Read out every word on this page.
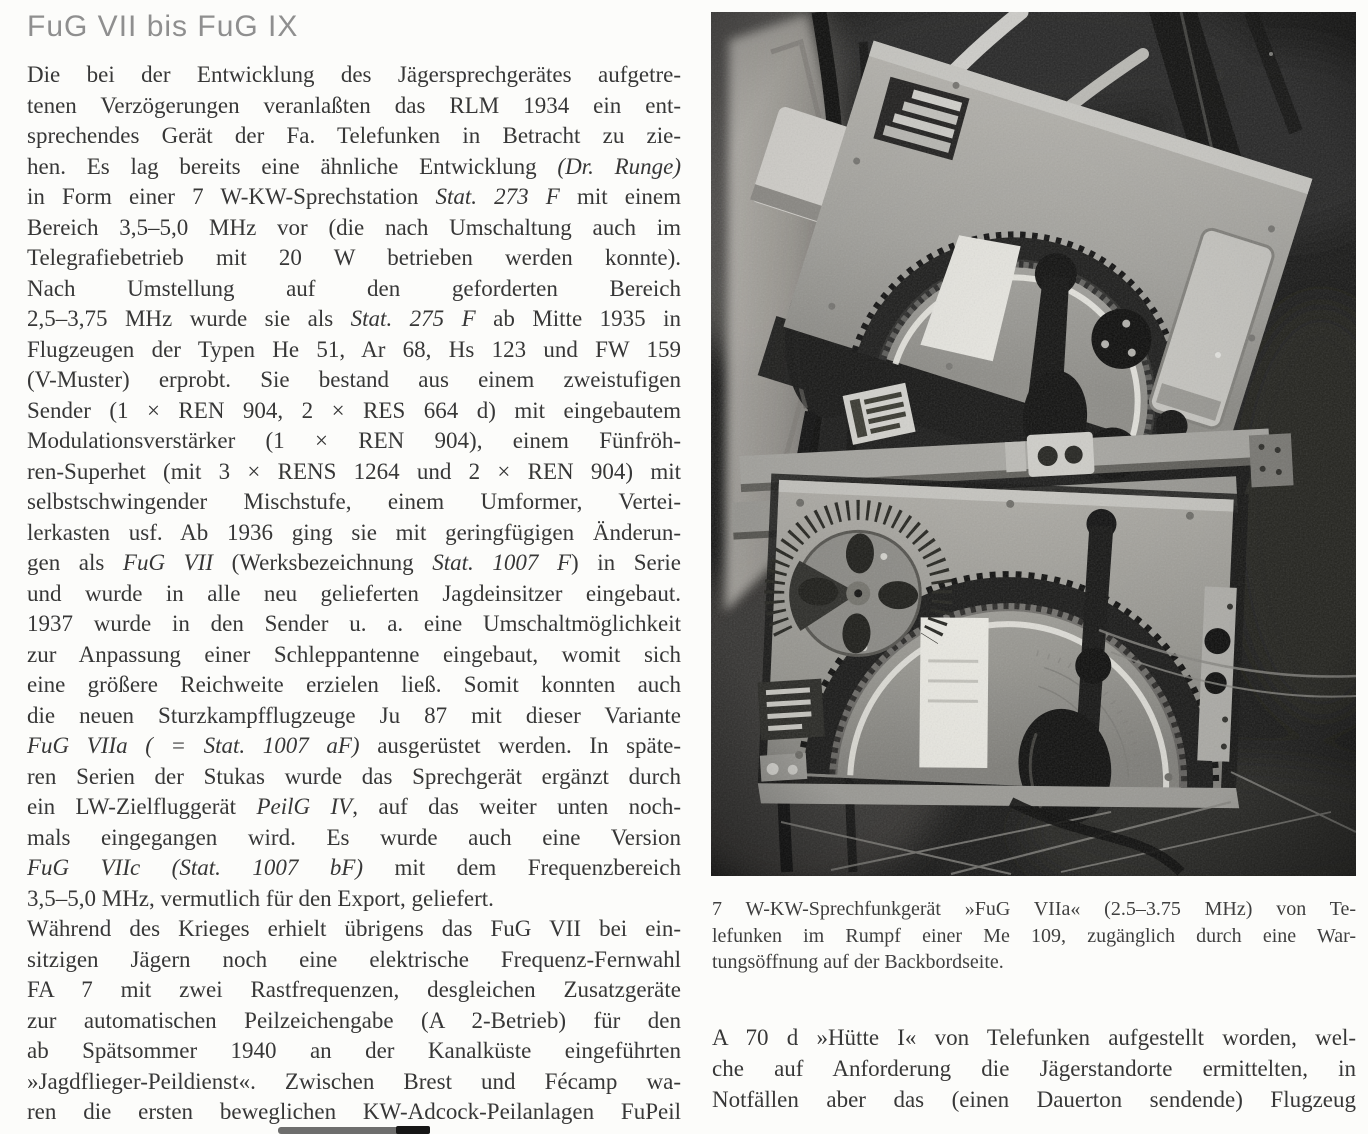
FuG VII bis FuG IX
Die bei der Entwicklung des Jägersprechgerätes aufgetre-
tenen Verzögerungen veranlaßten das RLM 1934 ein ent-
sprechendes Gerät der Fa. Telefunken in Betracht zu zie-
hen. Es lag bereits eine ähnliche Entwicklung (Dr. Runge)
in Form einer 7 W-KW-Sprechstation Stat. 273 F mit einem
Bereich 3,5–5,0 MHz vor (die nach Umschaltung auch im
Telegrafiebetrieb mit 20 W betrieben werden konnte).
Nach Umstellung auf den geforderten Bereich
2,5–3,75 MHz wurde sie als Stat. 275 F ab Mitte 1935 in
Flugzeugen der Typen He 51, Ar 68, Hs 123 und FW 159
(V-Muster) erprobt. Sie bestand aus einem zweistufigen
Sender (1 × REN 904, 2 × RES 664 d) mit eingebautem
Modulationsverstärker (1 × REN 904), einem Fünfröh-
ren-Superhet (mit 3 × RENS 1264 und 2 × REN 904) mit
selbstschwingender Mischstufe, einem Umformer, Vertei-
lerkasten usf. Ab 1936 ging sie mit geringfügigen Änderun-
gen als FuG VII (Werksbezeichnung Stat. 1007 F) in Serie
und wurde in alle neu gelieferten Jagdeinsitzer eingebaut.
1937 wurde in den Sender u. a. eine Umschaltmöglichkeit
zur Anpassung einer Schleppantenne eingebaut, womit sich
eine größere Reichweite erzielen ließ. Somit konnten auch
die neuen Sturzkampfflugzeuge Ju 87 mit dieser Variante
FuG VIIa ( = Stat. 1007 aF) ausgerüstet werden. In späte-
ren Serien der Stukas wurde das Sprechgerät ergänzt durch
ein LW-Zielfluggerät PeilG IV, auf das weiter unten noch-
mals eingegangen wird. Es wurde auch eine Version
FuG VIIc (Stat. 1007 bF) mit dem Frequenzbereich
3,5–5,0 MHz, vermutlich für den Export, geliefert.
Während des Krieges erhielt übrigens das FuG VII bei ein-
sitzigen Jägern noch eine elektrische Frequenz-Fernwahl
FA 7 mit zwei Rastfrequenzen, desgleichen Zusatzgeräte
zur automatischen Peilzeichengabe (A 2-Betrieb) für den
ab Spätsommer 1940 an der Kanalküste eingeführten
»Jagdflieger-Peildienst«. Zwischen Brest und Fécamp wa-
ren die ersten beweglichen KW-Adcock-Peilanlagen FuPeil
7 W-KW-Sprechfunkgerät »FuG VIIa« (2.5–3.75 MHz) von Te-
lefunken im Rumpf einer Me 109, zugänglich durch eine War-
tungsöffnung auf der Backbordseite.
A 70 d »Hütte I« von Telefunken aufgestellt worden, wel-
che auf Anforderung die Jägerstandorte ermittelten, in
Notfällen aber das (einen Dauerton sendende) Flugzeug
